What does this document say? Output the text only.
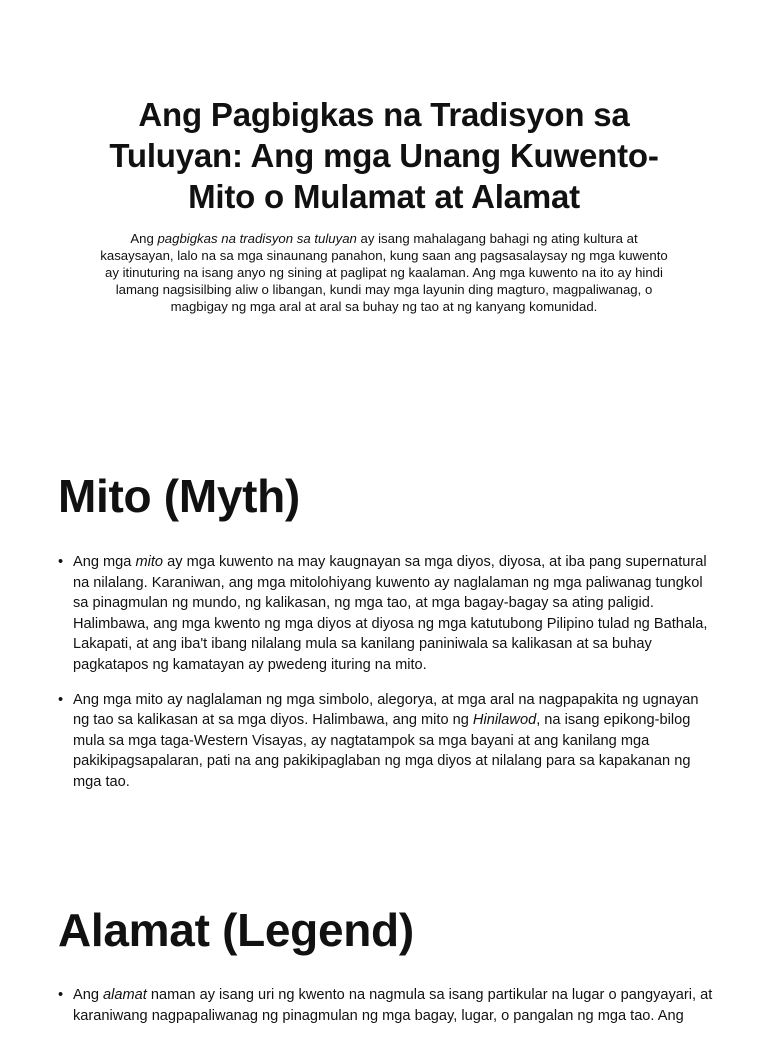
Ang Pagbigkas na Tradisyon sa Tuluyan: Ang mga Unang Kuwento-Mito o Mulamat at Alamat

Ang pagbigkas na tradisyon sa tuluyan ay isang mahalagang bahagi ng ating kultura at kasaysayan, lalo na sa mga sinaunang panahon, kung saan ang pagsasalaysay ng mga kuwento ay itinuturing na isang anyo ng sining at paglipat ng kaalaman. Ang mga kuwento na ito ay hindi lamang nagsisilbing aliw o libangan, kundi may mga layunin ding magturo, magpaliwanag, o magbigay ng mga aral at aral sa buhay ng tao at ng kanyang komunidad.

Mito (Myth)
• Ang mga mito ay mga kuwento na may kaugnayan sa mga diyos, diyosa, at iba pang supernatural na nilalang. Karaniwan, ang mga mitolohiyang kuwento ay naglalaman ng mga paliwanag tungkol sa pinagmulan ng mundo, ng kalikasan, ng mga tao, at mga bagay-bagay sa ating paligid. Halimbawa, ang mga kwento ng mga diyos at diyosa ng mga katutubong Pilipino tulad ng Bathala, Lakapati, at ang iba't ibang nilalang mula sa kanilang paniniwala sa kalikasan at sa buhay pagkatapos ng kamatayan ay pwedeng ituring na mito.
• Ang mga mito ay naglalaman ng mga simbolo, alegorya, at mga aral na nagpapakita ng ugnayan ng tao sa kalikasan at sa mga diyos. Halimbawa, ang mito ng Hinilawod, na isang epikong-bilog mula sa mga taga-Western Visayas, ay nagtatampok sa mga bayani at ang kanilang mga pakikipagsapalaran, pati na ang pakikipaglaban ng mga diyos at nilalang para sa kapakanan ng mga tao.
Alamat (Legend)
• Ang alamat naman ay isang uri ng kwento na nagmula sa isang partikular na lugar o pangyayari, at karaniwang nagpapaliwanag ng pinagmulan ng mga bagay, lugar, o pangalan ng mga tao. Ang
